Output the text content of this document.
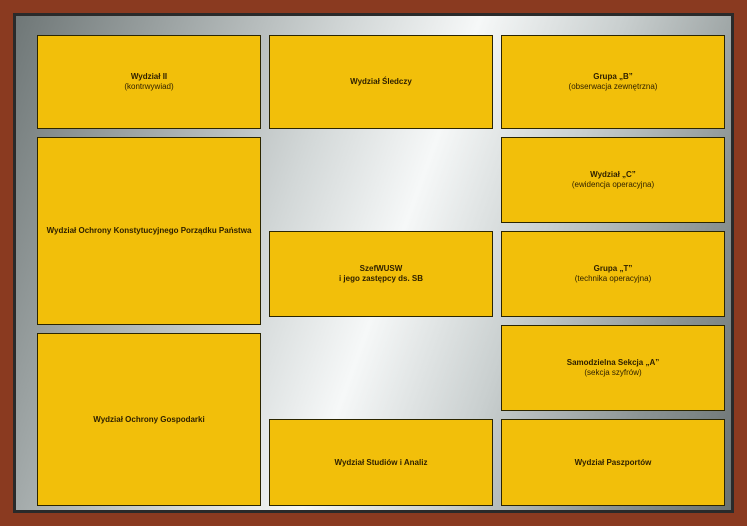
Wydział II
(kontrwywiad)
Wydział Śledczy
Grupa „B”
(obserwacja zewnętrzna)
Wydział Ochrony Konstytucyjnego Porządku Państwa
Wydział „C”
(ewidencja operacyjna)
SzefWUSW
i jego zastępcy ds. SB
Grupa „T”
(technika operacyjna)
Wydział Ochrony Gospodarki
Samodzielna Sekcja „A”
(sekcja szyfrów)
Wydział Studiów i Analiz	Wydział Paszportów
